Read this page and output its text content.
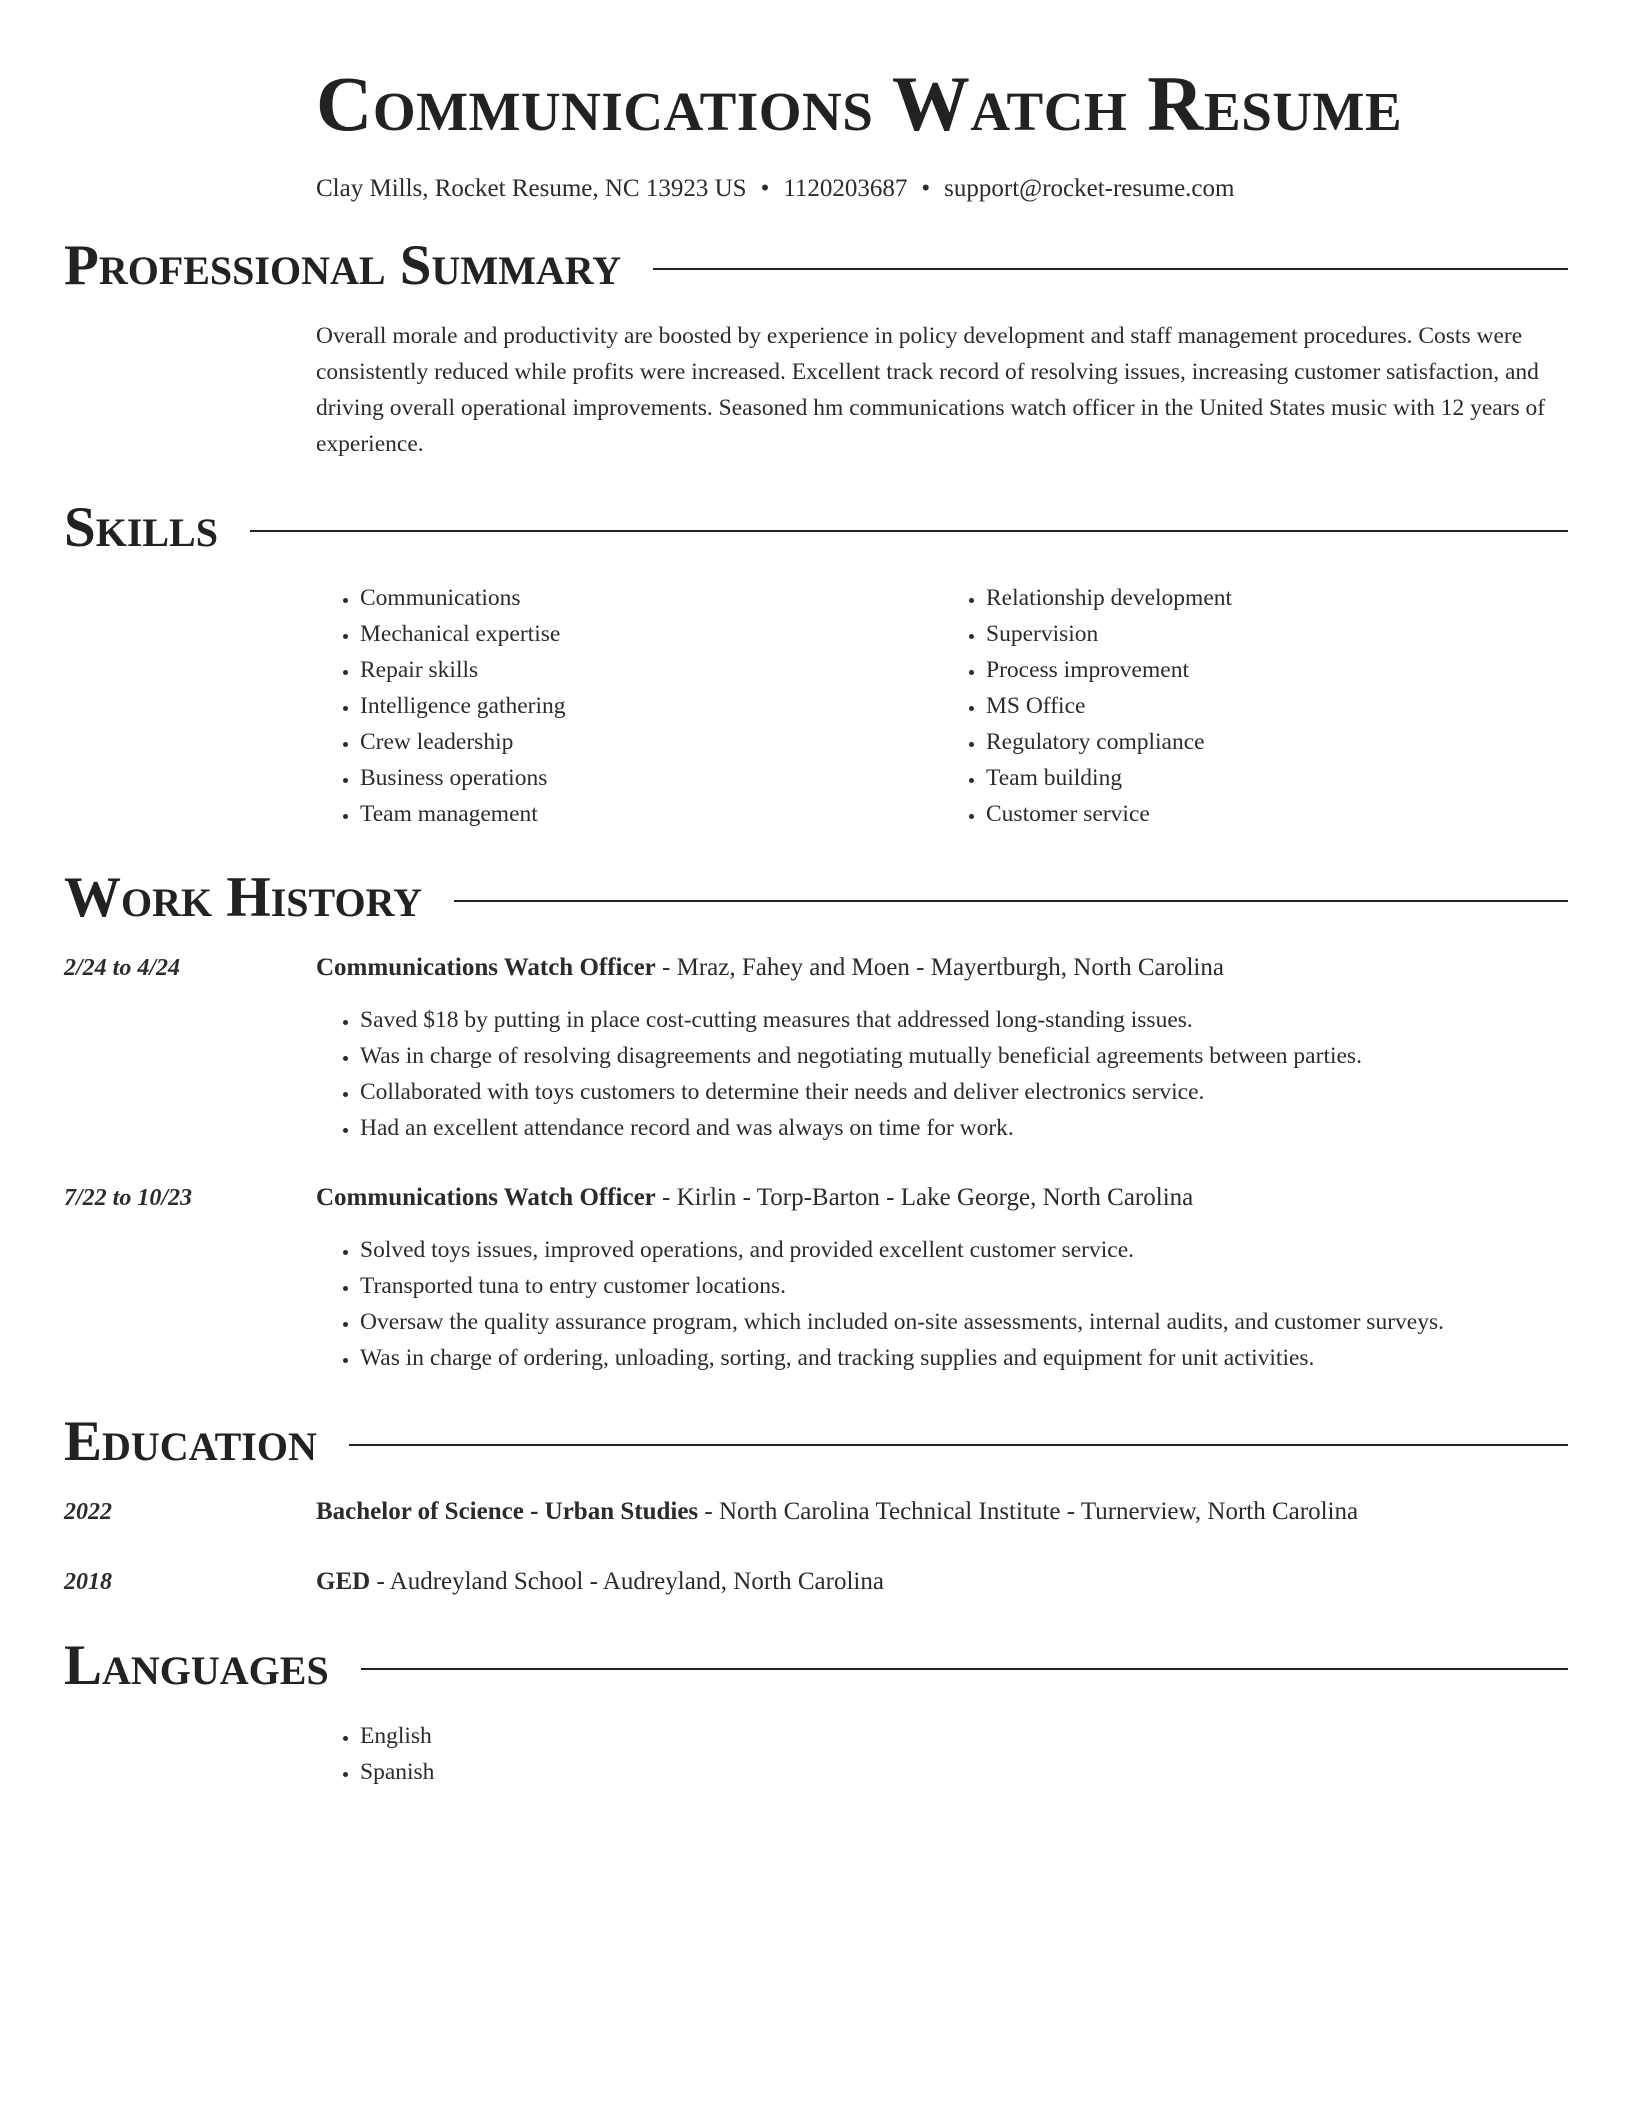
Communications Watch Resume
Clay Mills, Rocket Resume, NC 13923 US • 1120203687 • support@rocket-resume.com
Professional Summary
Overall morale and productivity are boosted by experience in policy development and staff management procedures. Costs were consistently reduced while profits were increased. Excellent track record of resolving issues, increasing customer satisfaction, and driving overall operational improvements. Seasoned hm communications watch officer in the United States music with 12 years of experience.
Skills
• Communications
• Mechanical expertise
• Repair skills
• Intelligence gathering
• Crew leadership
• Business operations
• Team management
• Relationship development
• Supervision
• Process improvement
• MS Office
• Regulatory compliance
• Team building
• Customer service
Work History
2/24 to 4/24	Communications Watch Officer - Mraz, Fahey and Moen - Mayertburgh, North Carolina
• Saved $18 by putting in place cost-cutting measures that addressed long-standing issues.
• Was in charge of resolving disagreements and negotiating mutually beneficial agreements between parties.
• Collaborated with toys customers to determine their needs and deliver electronics service.
• Had an excellent attendance record and was always on time for work.
7/22 to 10/23	Communications Watch Officer - Kirlin - Torp-Barton - Lake George, North Carolina
• Solved toys issues, improved operations, and provided excellent customer service.
• Transported tuna to entry customer locations.
• Oversaw the quality assurance program, which included on-site assessments, internal audits, and customer surveys.
• Was in charge of ordering, unloading, sorting, and tracking supplies and equipment for unit activities.
Education
2022	Bachelor of Science - Urban Studies - North Carolina Technical Institute - Turnerview, North Carolina
2018	GED - Audreyland School - Audreyland, North Carolina
Languages
• English
• Spanish
